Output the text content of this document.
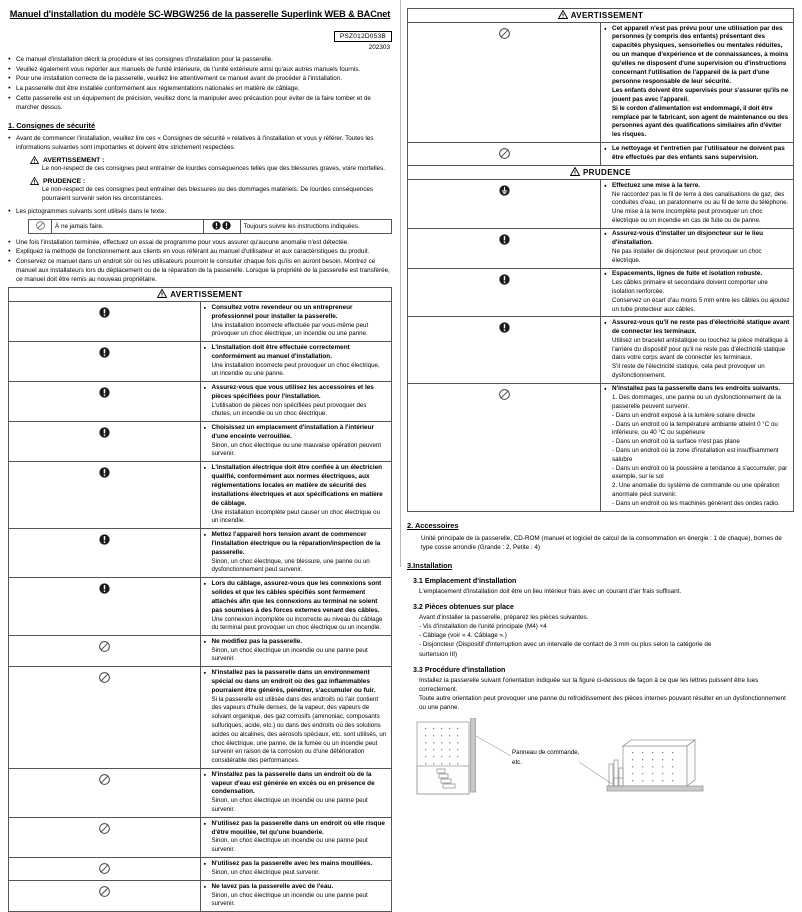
Manuel d'installation du modèle SC-WBGW256 de la passerelle Superlink WEB & BACnet
PSZ012D053B
202303
● Ce manuel d'installation décrit la procédure et les consignes d'installation pour la passerelle.
● Veuillez également vous reporter aux manuels de l'unité intérieure, de l'unité extérieure ainsi qu'aux autres manuels fournis.
● Pour une installation correcte de la passerelle, veuillez lire attentivement ce manuel avant de procéder à l'installation.
● La passerelle doit être installée conformément aux réglementations nationales en matière de câblage.
● Cette passerelle est un équipement de précision, veuillez donc la manipuler avec précaution pour éviter de la faire tomber et de marcher dessus.
1. Consignes de sécurité
● Avant de commencer l'installation, veuillez lire ces « Consignes de sécurité » relatives à l'installation et vous y référer. Toutes les informations suivantes sont importantes et doivent être strictement respectées.
AVERTISSEMENT :
Le non-respect de ces consignes peut entraîner de lourdes conséquences telles que des blessures graves, voire mortelles.
PRUDENCE :
Le non-respect de ces consignes peut entraîner des blessures ou des dommages matériels. De lourdes conséquences pourraient survenir selon les circonstances.
● Les pictogrammes suivants sont utilisés dans le texte.
	À ne jamais faire.		Toujours suivre les instructions indiquées.
● Une fois l'installation terminée, effectuez un essai de programme pour vous assurer qu'aucune anomalie n'est détectée.
● Expliquez la méthode de fonctionnement aux clients en vous référant au manuel d'utilisateur et aux caractéristiques du produit.
● Conservez ce manuel dans un endroit sûr où les utilisateurs pourront le consulter chaque fois qu'ils en auront besoin. Montrez ce manuel aux installateurs lors du déplacement ou de la réparation de la passerelle. Lorsque la propriété de la passerelle est transférée, ce manuel doit être remis au nouveau propriétaire.
AVERTISSEMENT	

● Consultez votre revendeur ou un entrepreneur professionnel pour installer la passerelle.
Une installation incorrecte effectuée par vous-même peut provoquer un choc électrique, un incendie ou une panne.

● L'installation doit être effectuée correctement conformément au manuel d'installation.
Une installation incorrecte peut provoquer un choc électrique, un incendie ou une panne.

● Assurez-vous que vous utilisez les accessoires et les pièces spécifiées pour l'installation.
L'utilisation de pièces non spécifiées peut provoquer des chutes, un incendie ou un choc électrique.

● Choisissez un emplacement d'installation à l'intérieur d'une enceinte verrouillée.
Sinon, un choc électrique ou une mauvaise opération peuvent survenir.

● L'installation électrique doit être confiée à un électricien qualifié, conformément aux normes électriques, aux réglementations locales en matière de sécurité des installations électriques et aux spécifications en matière de câblage.
Une installation incomplète peut causer un choc électrique ou un incendie.

● Mettez l'appareil hors tension avant de commencer l'installation électrique ou la réparation/inspection de la passerelle.
Sinon, un choc électrique, une blessure, une panne ou un dysfonctionnement peut survenir.

● Lors du câblage, assurez-vous que les connexions sont solides et que les câbles spécifiés sont fermement attachés afin que les connexions au terminal ne soient pas soumises à des forces externes venant des câbles.
Une connexion incomplète ou incorrecte au niveau du câblage du terminal peut provoquer un choc électrique ou un incendie.

● Ne modifiez pas la passerelle.
Sinon, un choc électrique un incendie ou une panne peut survenir.

● N'installez pas la passerelle dans un environnement spécial ou dans un endroit où des gaz inflammables pourraient être générés, pénétrer, s'accumuler ou fuir.
Si la passerelle est utilisée dans des endroits où l'air contient des vapeurs d'huile denses, de la vapeur, des vapeurs de solvant organique, des gaz corrosifs (ammoniac, composants sulfuriques, acide, etc.) ou dans des endroits où des solutions acides ou alcalines, des aérosols spéciaux, etc. sont utilisés, un choc électrique, une panne, de la fumée ou un incendie peut survenir en raison de la corrosion ou d'une détérioration considérable des performances.

● N'installez pas la passerelle dans un endroit où de la vapeur d'eau est générée en excès ou en présence de condensation.
Sinon, un choc électrique un incendie ou une panne peut survenir.

● N'utilisez pas la passerelle dans un endroit où elle risque d'être mouillée, tel qu'une buanderie.
Sinon, un choc électrique un incendie ou une panne peut survenir.

● N'utilisez pas la passerelle avec les mains mouillées.
Sinon, un choc électrique peut survenir.

● Ne lavez pas la passerelle avec de l'eau.
Sinon, un choc électrique un incendie ou une panne peut survenir.
AVERTISSEMENT	

● Cet appareil n'est pas prévu pour une utilisation par des personnes (y compris des enfants) présentant des capacités physiques, sensorielles ou mentales réduites, ou un manque d'expérience et de connaissances, à moins qu'elles ne disposent d'une supervision ou d'instructions concernant l'utilisation de l'appareil de la part d'une personne responsable de leur sécurité.
Les enfants doivent être supervisés pour s'assurer qu'ils ne jouent pas avec l'appareil.
Si le cordon d'alimentation est endommagé, il doit être remplacé par le fabricant, son agent de maintenance ou des personnes ayant des qualifications similaires afin d'éviter les risques.

● Le nettoyage et l'entretien par l'utilisateur ne doivent pas être effectués par des enfants sans supervision.

PRUDENCE	

● Effectuez une mise à la terre.
Ne raccordez pas le fil de terre à des canalisations de gaz, des conduites d'eau, un paratonnerre ou au fil de terre du téléphone. Une mise à la terre incomplète peut provoquer un choc électrique ou un incendie en cas de fuite ou de panne.

● Assurez-vous d'installer un disjoncteur sur le lieu d'installation.
Ne pas installer de disjoncteur peut provoquer un choc électrique.

● Espacements, lignes de fuite et isolation robuste.
Les câbles primaire et secondaire doivent comporter une isolation renforcée.
Conservez un écart d'au moins 5 mm entre les câbles ou ajoutez un tube protecteur aux câbles.

● Assurez-vous qu'il ne reste pas d'électricité statique avant de connecter les terminaux.
Utilisez un bracelet antistatique ou touchez la pièce métallique à l'arrière du dispositif pour qu'il ne reste pas d'électricité statique dans votre corps avant de connecter les terminaux.
S'il reste de l'électricité statique, cela peut provoquer un dysfonctionnement.

● N'installez pas la passerelle dans les endroits suivants.
1. Des dommages, une panne ou un dysfonctionnement de la passerelle peuvent survenir.
- Dans un endroit exposé à la lumière solaire directe
- Dans un endroit où la température ambiante atteint 0 °C ou inférieure, ou 40 °C ou supérieure
- Dans un endroit où la surface n'est pas plane
- Dans un endroit où la zone d'installation est insuffisamment salubre
- Dans un endroit où la poussière a tendance à s'accumuler, par exemple, sur le sol
2. Une anomalie du système de commande ou une opération anormale peut survenir.
- Dans un endroit où les machines génèrent des ondes radio.
2. Accessoires
Unité principale de la passerelle, CD-ROM (manuel et logiciel de calcul de la consommation en énergie : 1 de chaque), bornes de type cosse arrondie (Grande : 2, Petite : 4)
3.Installation
3.1 Emplacement d'installation
L'emplacement d'installation doit être un lieu intérieur frais avec un courant d'air frais suffisant.
3.2 Pièces obtenues sur place
Avant d'installer la passerelle, préparez les pièces suivantes.
- Vis d'installation de l'unité principale (M4) ×4
- Câblage (voir « 4. Câblage ».)
- Disjoncteur (Dispositif d'interruption avec un intervalle de contact de 3 mm ou plus selon la catégorie de
surtension III)
3.3 Procédure d'installation
Installez la passerelle suivant l'orientation indiquée sur la figure ci-dessous de façon à ce que les lettres puissent être lues correctement.
Toute autre orientation peut provoquer une panne du refroidissement des pièces internes pouvant résulter en un dysfonctionnement ou une panne.
Panneau de commande,
etc.
